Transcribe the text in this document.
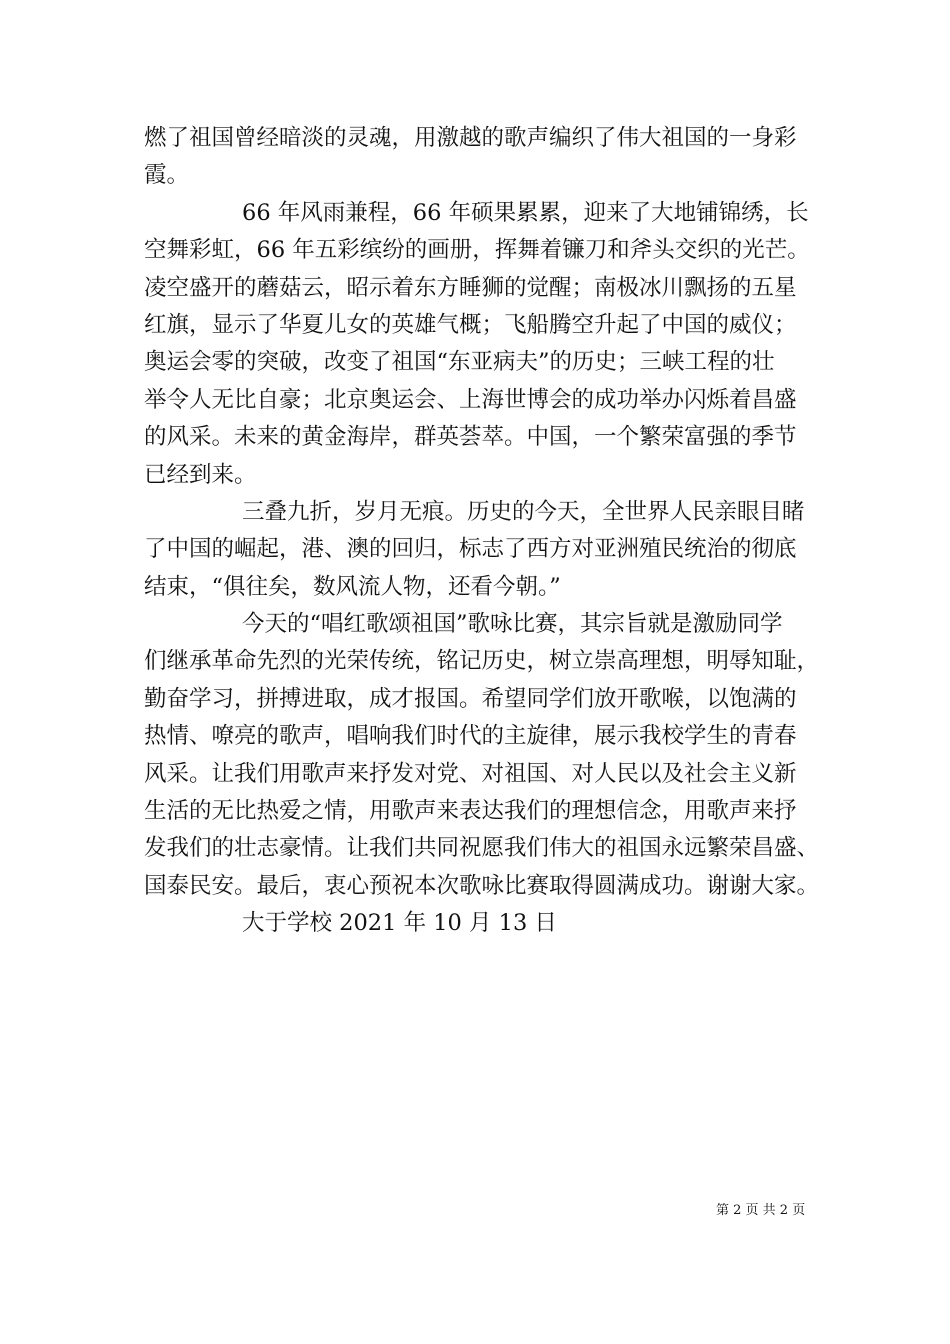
燃了祖国曾经暗淡的灵魂，用激越的歌声编织了伟大祖国的一身彩
霞。
66 年风雨兼程，66 年硕果累累，迎来了大地铺锦绣，长
空舞彩虹，66 年五彩缤纷的画册，挥舞着镰刀和斧头交织的光芒。
凌空盛开的蘑菇云，昭示着东方睡狮的觉醒；南极冰川飘扬的五星
红旗，显示了华夏儿女的英雄气概；飞船腾空升起了中国的威仪；
奥运会零的突破，改变了祖国“东亚病夫”的历史；三峡工程的壮
举令人无比自豪；北京奥运会、上海世博会的成功举办闪烁着昌盛
的风采。未来的黄金海岸，群英荟萃。中国，一个繁荣富强的季节
已经到来。
三叠九折，岁月无痕。历史的今天，全世界人民亲眼目睹
了中国的崛起，港、澳的回归，标志了西方对亚洲殖民统治的彻底
结束，“俱往矣，数风流人物，还看今朝。”
今天的“唱红歌颂祖国”歌咏比赛，其宗旨就是激励同学
们继承革命先烈的光荣传统，铭记历史，树立崇高理想，明辱知耻，
勤奋学习，拼搏进取，成才报国。希望同学们放开歌喉，以饱满的
热情、嘹亮的歌声，唱响我们时代的主旋律，展示我校学生的青春
风采。让我们用歌声来抒发对党、对祖国、对人民以及社会主义新
生活的无比热爱之情，用歌声来表达我们的理想信念，用歌声来抒
发我们的壮志豪情。让我们共同祝愿我们伟大的祖国永远繁荣昌盛、
国泰民安。最后，衷心预祝本次歌咏比赛取得圆满成功。谢谢大家。
大于学校 2021 年 10 月 13 日
第 2 页 共 2 页
